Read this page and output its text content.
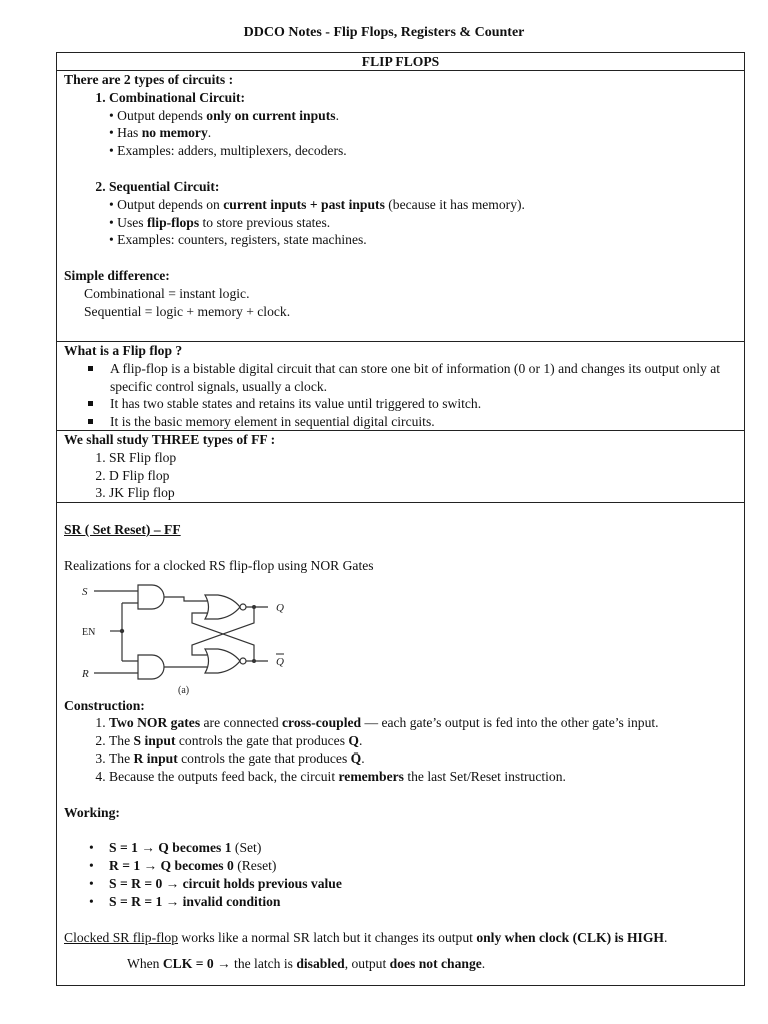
DDCO Notes - Flip Flops, Registers & Counter
FLIP FLOPS
There are 2 types of circuits :
1. Combinational Circuit:
• Output depends only on current inputs.
• Has no memory.
• Examples: adders, multiplexers, decoders.
2. Sequential Circuit:
• Output depends on current inputs + past inputs (because it has memory).
• Uses flip-flops to store previous states.
• Examples: counters, registers, state machines.
Simple difference:
Combinational = instant logic.
Sequential = logic + memory + clock.
What is a Flip flop ?
A flip-flop is a bistable digital circuit that can store one bit of information (0 or 1) and changes its output only at specific control signals, usually a clock.
It has two stable states and retains its value until triggered to switch.
It is the basic memory element in sequential digital circuits.
We shall study THREE types of FF :
1. SR Flip flop
2. D Flip flop
3. JK Flip flop
SR ( Set Reset) – FF
Realizations for a clocked RS flip-flop using NOR Gates
S
EN
R
Q
Q
(a)
Construction:
1. Two NOR gates are connected cross-coupled — each gate’s output is fed into the other gate’s input.
2. The S input controls the gate that produces Q.
3. The R input controls the gate that produces Q̄.
4. Because the outputs feed back, the circuit remembers the last Set/Reset instruction.
Working:
• S = 1 → Q becomes 1 (Set)
• R = 1 → Q becomes 0 (Reset)
• S = R = 0 → circuit holds previous value
• S = R = 1 → invalid condition
Clocked SR flip-flop works like a normal SR latch but it changes its output only when clock (CLK) is HIGH.
When CLK = 0 → the latch is disabled, output does not change.
